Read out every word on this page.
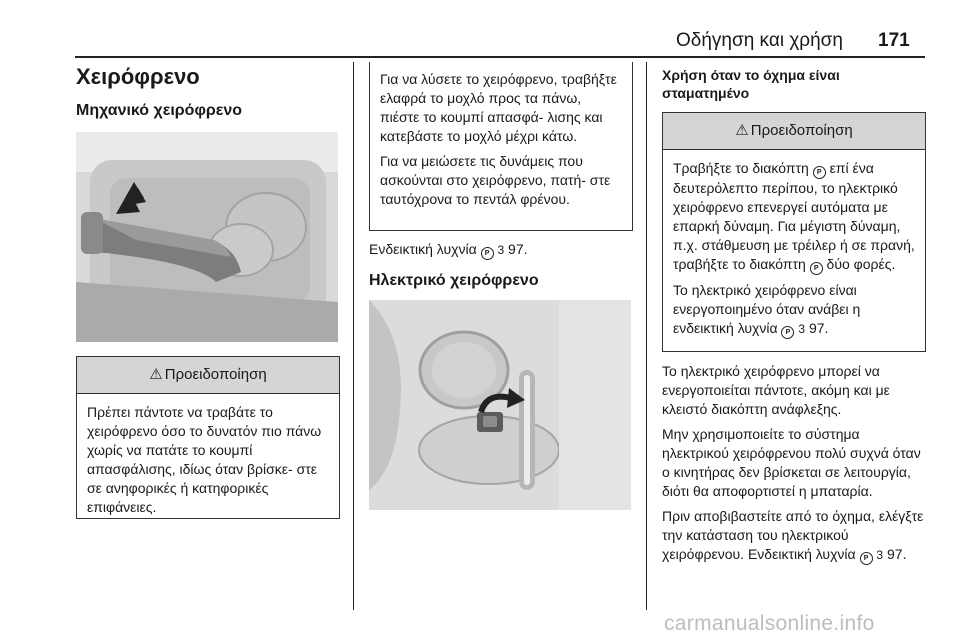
Οδήγηση και χρήση 171
Χειρόφρενο
Μηχανικό χειρόφρενο
⚠ Προειδοποίηση

Πρέπει πάντοτε να τραβάτε το χειρόφρενο όσο το δυνατόν πιο πάνω χωρίς να πατάτε το κουμπί απασφάλισης, ιδίως όταν βρίσκε- στε σε ανηφορικές ή κατηφορικές επιφάνειες.

Για να λύσετε το χειρόφρενο, τραβήξτε ελαφρά το μοχλό προς τα πάνω, πιέστε το κουμπί απασφά- λισης και κατεβάστε το μοχλό μέχρι κάτω.

Για να μειώσετε τις δυνάμεις που ασκούνται στο χειρόφρενο, πατή- στε ταυτόχρονα το πεντάλ φρένου.

Ενδεικτική λυχνία P 3 97.
Ηλεκτρικό χειρόφρενο
Χρήση όταν το όχημα είναι σταματημένο
⚠ Προειδοποίηση

Τραβήξτε το διακόπτη P επί ένα δευτερόλεπτο περίπου, το ηλεκτρικό χειρόφρενο επενεργεί αυτόματα με επαρκή δύναμη. Για μέγιστη δύναμη, π.χ. στάθμευση με τρέιλερ ή σε πρανή, τραβήξτε το διακόπτη P δύο φορές.

Το ηλεκτρικό χειρόφρενο είναι ενεργοποιημένο όταν ανάβει η ενδεικτική λυχνία P 3 97.

Το ηλεκτρικό χειρόφρενο μπορεί να ενεργοποιείται πάντοτε, ακόμη και με κλειστό διακόπτη ανάφλεξης.

Μην χρησιμοποιείτε το σύστημα ηλεκτρικού χειρόφρενου πολύ συχνά όταν ο κινητήρας δεν βρίσκεται σε λειτουργία, διότι θα αποφορτιστεί η μπαταρία.

Πριν αποβιβαστείτε από το όχημα, ελέγξτε την κατάσταση του ηλεκτρικού χειρόφρενου. Ενδεικτική λυχνία P 3 97.

carmanualsonline.info
